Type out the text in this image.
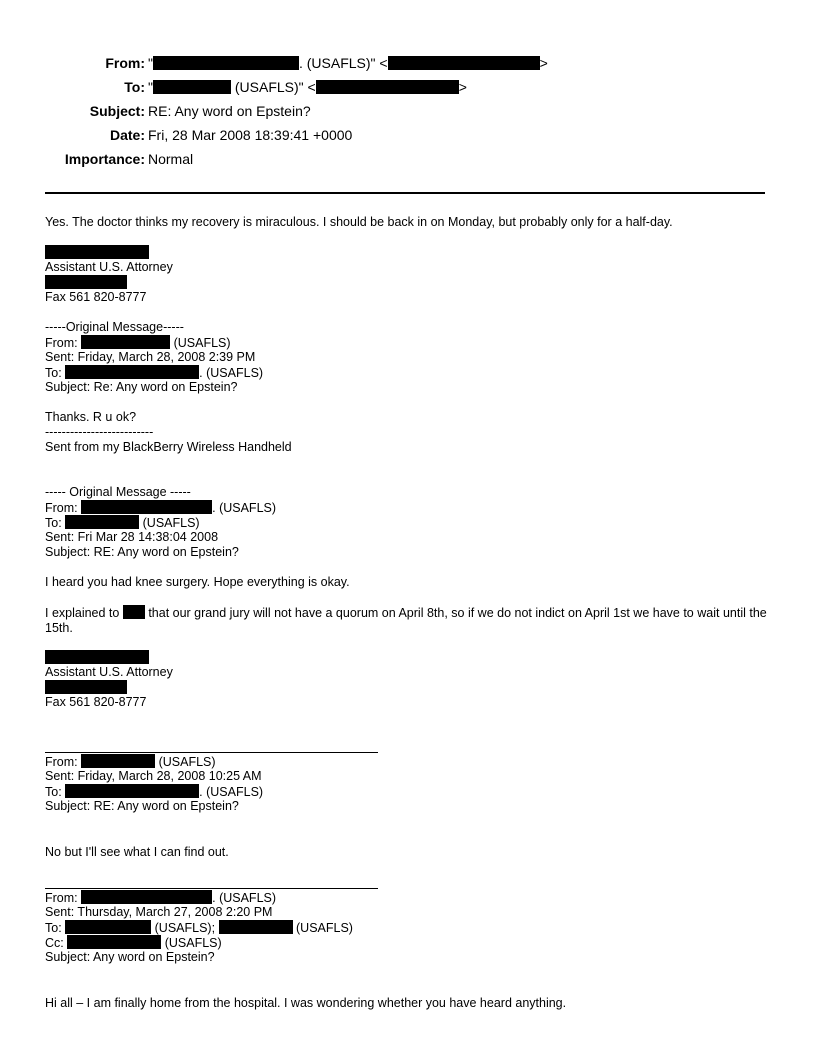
From: "	. (USAFLS)" <	>
To: "	(USAFLS)" <	>
Subject: RE: Any word on Epstein?
Date: Fri, 28 Mar 2008 18:39:41 +0000
Importance: Normal
Yes. The doctor thinks my recovery is miraculous. I should be back in on Monday, but probably only for a half-day.
Assistant U.S. Attorney
Fax 561 820-8777
-----Original Message-----
From:	(USAFLS)
Sent: Friday, March 28, 2008 2:39 PM
To:	. (USAFLS)
Subject: Re: Any word on Epstein?
Thanks. R u ok?
--------------------------
Sent from my BlackBerry Wireless Handheld
----- Original Message -----
From:	. (USAFLS)
To:	(USAFLS)
Sent: Fri Mar 28 14:38:04 2008
Subject: RE: Any word on Epstein?
I heard you had knee surgery. Hope everything is okay.
I explained to  that our grand jury will not have a quorum on April 8th, so if we do not indict on April 1st we have to wait until the 15th.
Assistant U.S. Attorney
Fax 561 820-8777
From:	(USAFLS)
Sent: Friday, March 28, 2008 10:25 AM
To:	. (USAFLS)
Subject: RE: Any word on Epstein?
No but I'll see what I can find out.
From:	. (USAFLS)
Sent: Thursday, March 27, 2008 2:20 PM
To:	(USAFLS);	(USAFLS)
Cc:	(USAFLS)
Subject: Any word on Epstein?
Hi all – I am finally home from the hospital. I was wondering whether you have heard anything.
